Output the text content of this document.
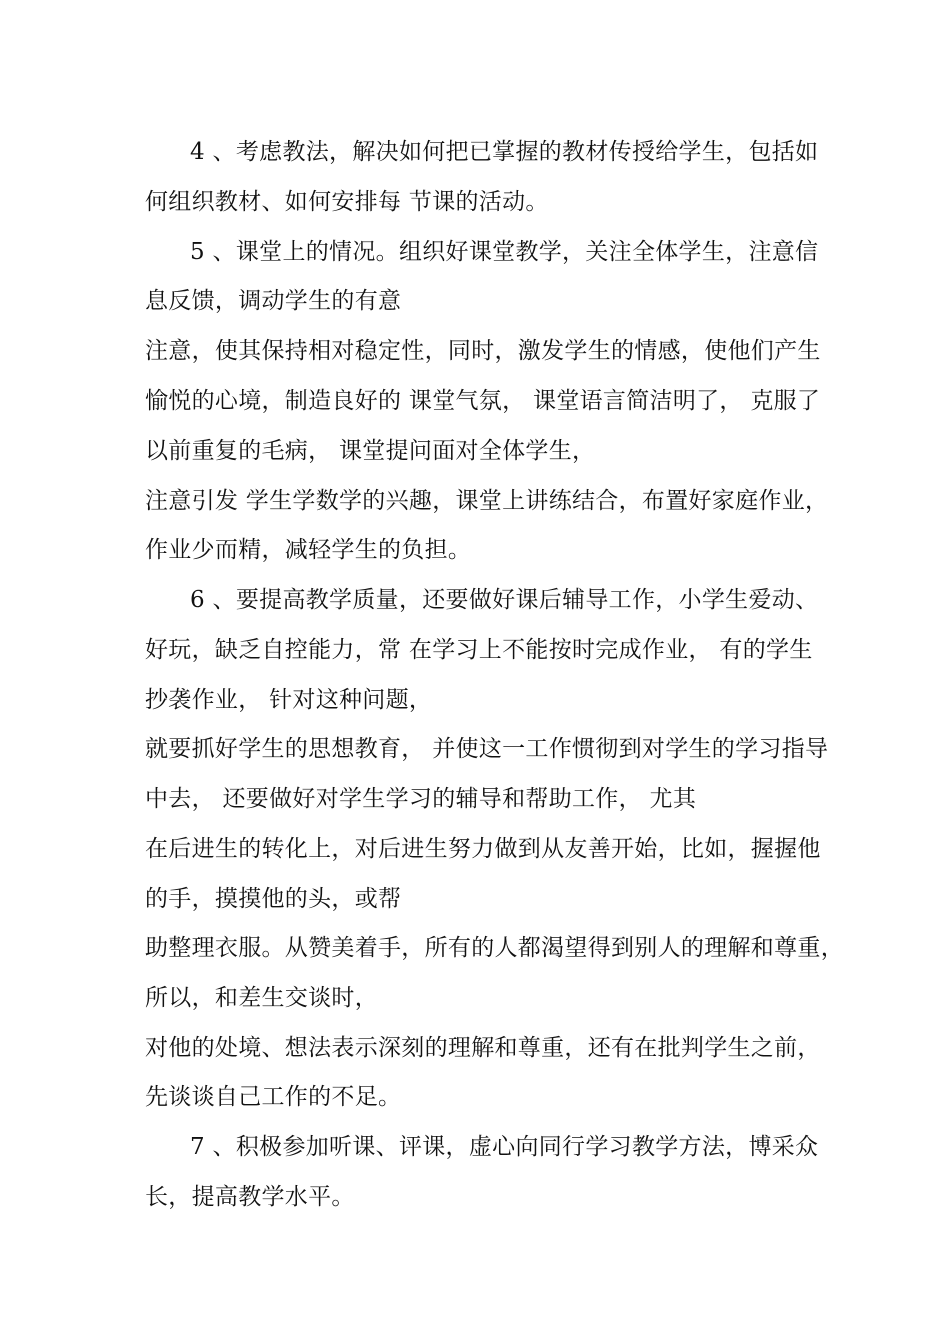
4 、考虑教法，解决如何把已掌握的教材传授给学生，包括如
何组织教材、如何安排每 节课的活动。
5 、课堂上的情况。组织好课堂教学，关注全体学生，注意信
息反馈，调动学生的有意
注意，使其保持相对稳定性，同时，激发学生的情感，使他们产生
愉悦的心境，制造良好的 课堂气氛， 课堂语言简洁明了， 克服了
以前重复的毛病， 课堂提问面对全体学生，
注意引发 学生学数学的兴趣，课堂上讲练结合，布置好家庭作业，
作业少而精，减轻学生的负担。
6 、要提高教学质量，还要做好课后辅导工作，小学生爱动、
好玩，缺乏自控能力，常 在学习上不能按时完成作业， 有的学生
抄袭作业， 针对这种问题，
就要抓好学生的思想教育， 并使这一工作惯彻到对学生的学习指导
中去， 还要做好对学生学习的辅导和帮助工作， 尤其
在后进生的转化上，对后进生努力做到从友善开始，比如，握握他
的手，摸摸他的头，或帮
助整理衣服。从赞美着手，所有的人都渴望得到别人的理解和尊重，
所以，和差生交谈时，
对他的处境、想法表示深刻的理解和尊重，还有在批判学生之前，
先谈谈自己工作的不足。
7 、积极参加听课、评课，虚心向同行学习教学方法，博采众
长，提高教学水平。
